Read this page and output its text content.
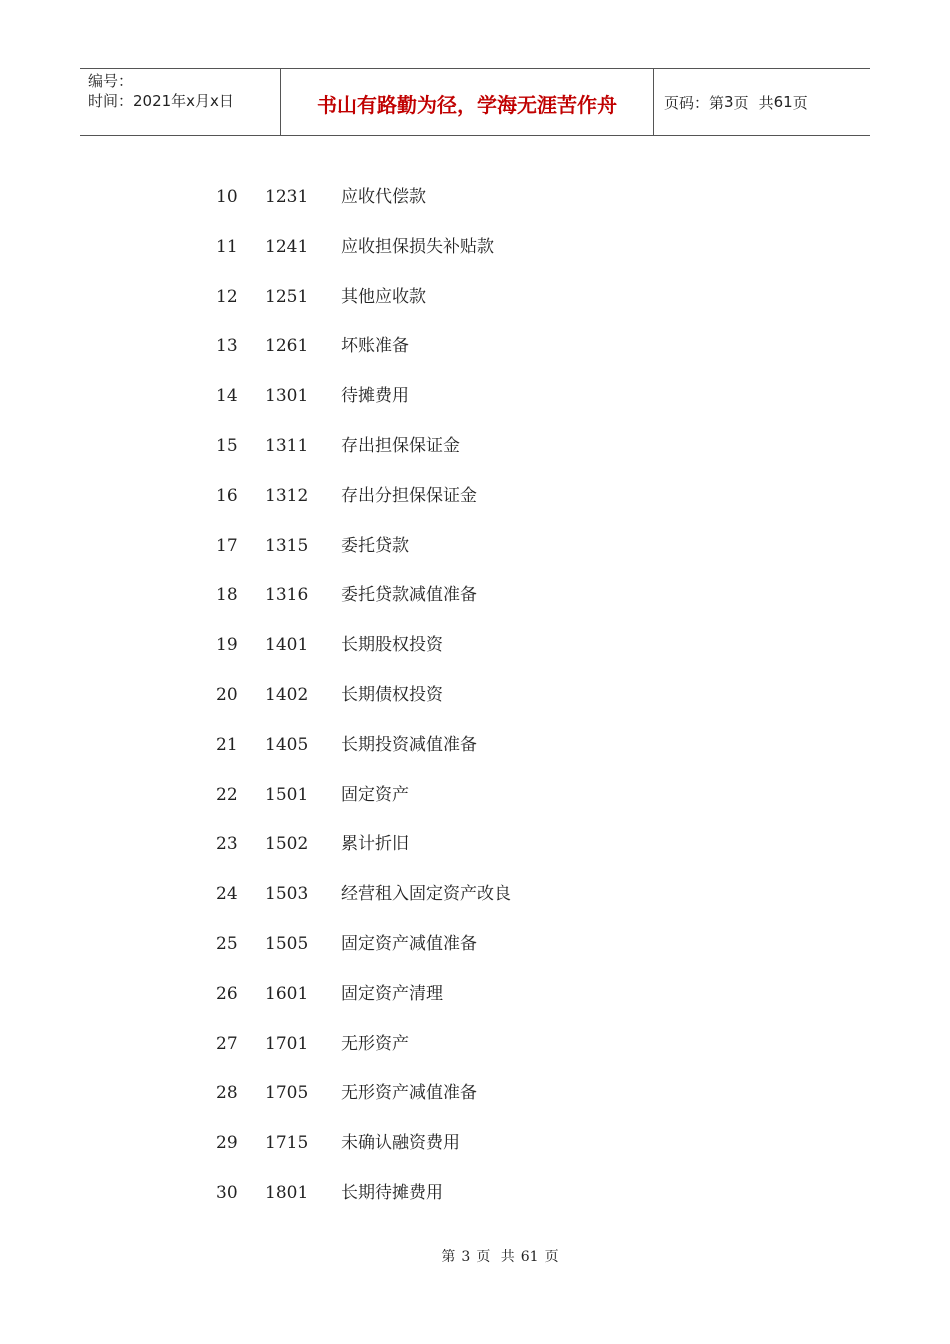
编号：
时间：2021年x月x日	书山有路勤为径，学海无涯苦作舟	页码：第 3 页 共 61 页
10 1231 应收代偿款
11 1241 应收担保损失补贴款
12 1251 其他应收款
13 1261 坏账准备
14 1301 待摊费用
15 1311 存出担保保证金
16 1312 存出分担保保证金
17 1315 委托贷款
18 1316 委托贷款减值准备
19 1401 长期股权投资
20 1402 长期债权投资
21 1405 长期投资减值准备
22 1501 固定资产
23 1502 累计折旧
24 1503 经营租入固定资产改良
25 1505 固定资产减值准备
26 1601 固定资产清理
27 1701 无形资产
28 1705 无形资产减值准备
29 1715 未确认融资费用
30 1801 长期待摊费用
第 3 页 共 61 页
